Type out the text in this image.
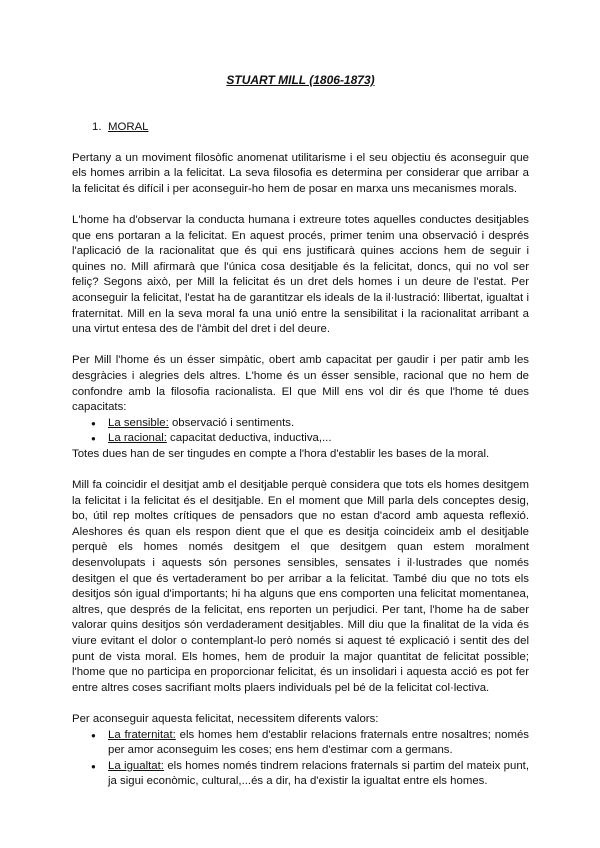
STUART MILL (1806-1873)
1. MORAL

Pertany a un moviment filosòfic anomenat utilitarisme i el seu objectiu és aconseguir que els homes arribin a la felicitat. La seva filosofia es determina per considerar que arribar a la felicitat és difícil i per aconseguir-ho hem de posar en marxa uns mecanismes morals.

L'home ha d'observar la conducta humana i extreure totes aquelles conductes desitjables que ens portaran a la felicitat. En aquest procés, primer tenim una observació i després l'aplicació de la racionalitat que és qui ens justificarà quines accions hem de seguir i quines no. Mill afirmarà que l'única cosa desitjable és la felicitat, doncs, qui no vol ser feliç? Segons això, per Mill la felicitat és un dret dels homes i un deure de l'estat. Per aconseguir la felicitat, l'estat ha de garantitzar els ideals de la il·lustració: llibertat, igualtat i fraternitat. Mill en la seva moral fa una unió entre la sensibilitat i la racionalitat arribant a una virtut entesa des de l'àmbit del dret i del deure.

Per Mill l'home és un ésser simpàtic, obert amb capacitat per gaudir i per patir amb les desgràcies i alegries dels altres. L'home és un ésser sensible, racional que no hem de confondre amb la filosofia racionalista. El que Mill ens vol dir és que l'home té dues capacitats:

● La sensible: observació i sentiments.
● La racional: capacitat deductiva, inductiva,...

Totes dues han de ser tingudes en compte a l'hora d'establir les bases de la moral.

Mill fa coincidir el desitjat amb el desitjable perquè considera que tots els homes desitgem la felicitat i la felicitat és el desitjable. En el moment que Mill parla dels conceptes desig, bo, útil rep moltes crítiques de pensadors que no estan d'acord amb aquesta reflexió. Aleshores és quan els respon dient que el que es desitja coincideix amb el desitjable perquè els homes només desitgem el que desitgem quan estem moralment desenvolupats i aquests són persones sensibles, sensates i il·lustrades que només desitgen el que és vertaderament bo per arribar a la felicitat. També diu que no tots els desitjos són igual d'importants; hi ha alguns que ens comporten una felicitat momentanea, altres, que després de la felicitat, ens reporten un perjudici. Per tant, l'home ha de saber valorar quins desitjos són verdaderament desitjables. Mill diu que la finalitat de la vida és viure evitant el dolor o contemplant-lo però només si aquest té explicació i sentit des del punt de vista moral. Els homes, hem de produir la major quantitat de felicitat possible; l'home que no participa en proporcionar felicitat, és un insolidari i aquesta acció es pot fer entre altres coses sacrifiant molts plaers individuals pel bé de la felicitat col·lectiva.

Per aconseguir aquesta felicitat, necessitem diferents valors:

● La fraternitat: els homes hem d'establir relacions fraternals entre nosaltres; només per amor aconseguim les coses; ens hem d'estimar com a germans.
● La igualtat: els homes només tindrem relacions fraternals si partim del mateix punt, ja sigui econòmic, cultural,...és a dir, ha d'existir la igualtat entre els homes.
